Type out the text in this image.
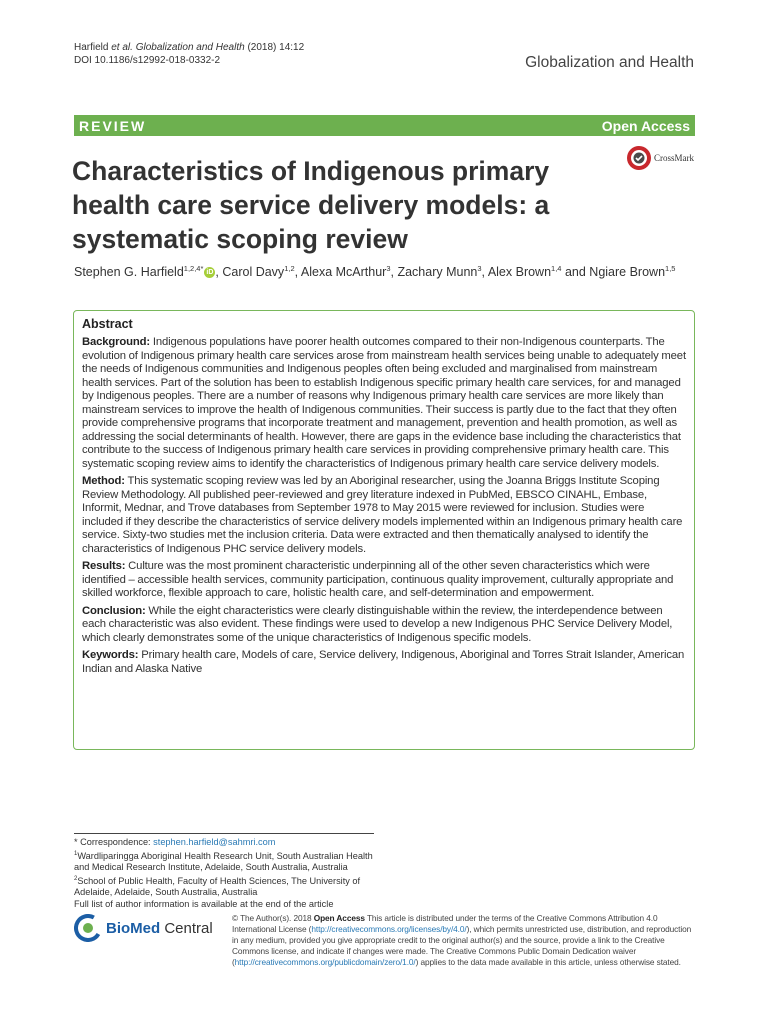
Harfield et al. Globalization and Health (2018) 14:12
DOI 10.1186/s12992-018-0332-2	Globalization and Health
REVIEW	Open Access
Characteristics of Indigenous primary health care service delivery models: a systematic scoping review
CrossMark
Stephen G. Harfield$^{1,2,4*}$ iD , Carol Davy$^{1,2}$, Alexa McArthur$^3$, Zachary Munn$^3$, Alex Brown$^{1,4}$ and Ngiare Brown$^{1,5}$
Abstract

Background: Indigenous populations have poorer health outcomes compared to their non-Indigenous counterparts. The evolution of Indigenous primary health care services arose from mainstream health services being unable to adequately meet the needs of Indigenous communities and Indigenous peoples often being excluded and marginalised from mainstream health services. Part of the solution has been to establish Indigenous specific primary health care services, for and managed by Indigenous peoples. There are a number of reasons why Indigenous primary health care services are more likely than mainstream services to improve the health of Indigenous communities. Their success is partly due to the fact that they often provide comprehensive programs that incorporate treatment and management, prevention and health promotion, as well as addressing the social determinants of health. However, there are gaps in the evidence base including the characteristics that contribute to the success of Indigenous primary health care services in providing comprehensive primary health care. This systematic scoping review aims to identify the characteristics of Indigenous primary health care service delivery models.

Method: This systematic scoping review was led by an Aboriginal researcher, using the Joanna Briggs Institute Scoping Review Methodology. All published peer-reviewed and grey literature indexed in PubMed, EBSCO CINAHL, Embase, Informit, Mednar, and Trove databases from September 1978 to May 2015 were reviewed for inclusion. Studies were included if they describe the characteristics of service delivery models implemented within an Indigenous primary health care service. Sixty-two studies met the inclusion criteria. Data were extracted and then thematically analysed to identify the characteristics of Indigenous PHC service delivery models.

Results: Culture was the most prominent characteristic underpinning all of the other seven characteristics which were identified – accessible health services, community participation, continuous quality improvement, culturally appropriate and skilled workforce, flexible approach to care, holistic health care, and self-determination and empowerment.

Conclusion: While the eight characteristics were clearly distinguishable within the review, the interdependence between each characteristic was also evident. These findings were used to develop a new Indigenous PHC Service Delivery Model, which clearly demonstrates some of the unique characteristics of Indigenous specific models.

Keywords: Primary health care, Models of care, Service delivery, Indigenous, Aboriginal and Torres Strait Islander, American Indian and Alaska Native

* Correspondence: stephen.harfield@sahmri.com
$^1$Wardliparingga Aboriginal Health Research Unit, South Australian Health and Medical Research Institute, Adelaide, South Australia, Australia
$^2$School of Public Health, Faculty of Health Sciences, The University of Adelaide, Adelaide, South Australia, Australia
Full list of author information is available at the end of the article
BioMed Central
© The Author(s). 2018 Open Access This article is distributed under the terms of the Creative Commons Attribution 4.0 International License (http://creativecommons.org/licenses/by/4.0/), which permits unrestricted use, distribution, and reproduction in any medium, provided you give appropriate credit to the original author(s) and the source, provide a link to the Creative Commons license, and indicate if changes were made. The Creative Commons Public Domain Dedication waiver (http://creativecommons.org/publicdomain/zero/1.0/) applies to the data made available in this article, unless otherwise stated.
